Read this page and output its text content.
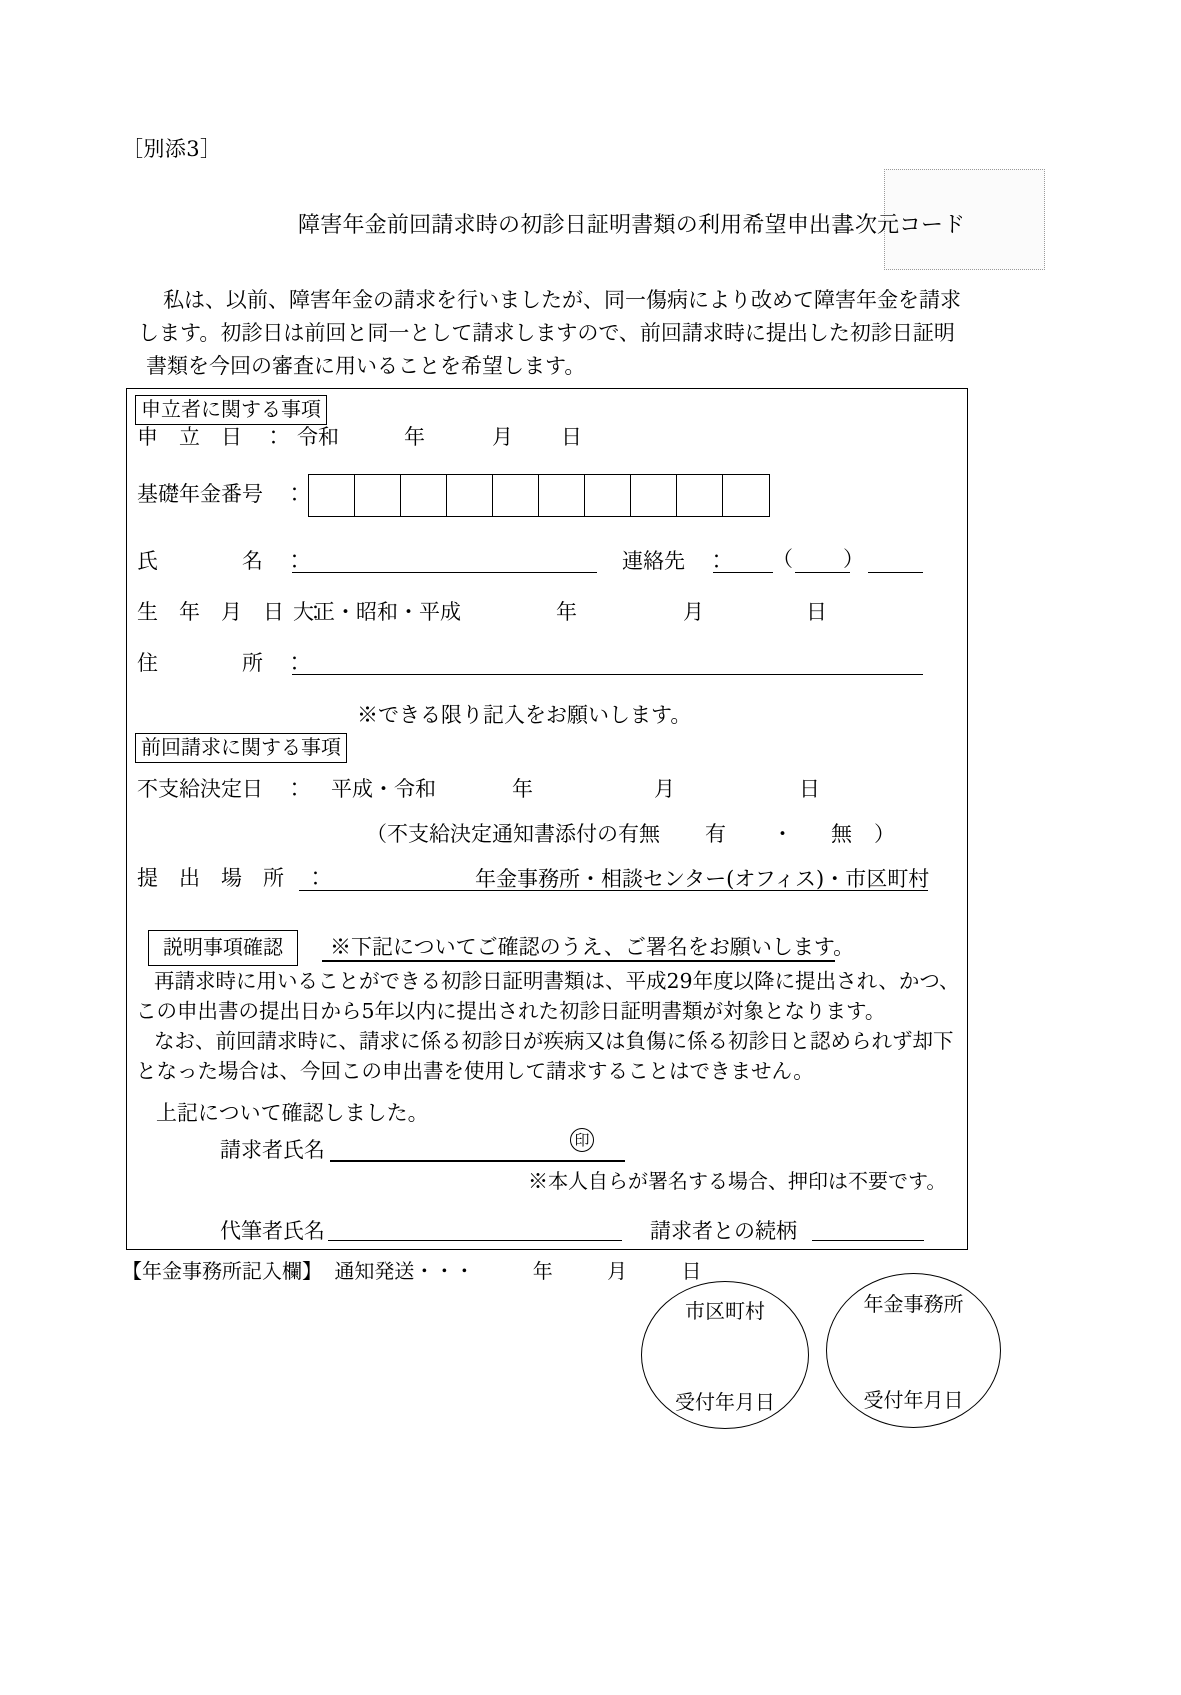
［別添3］
障害年金前回請求時の初診日証明書類の利用希望申出書
二次元コード
私は、以前、障害年金の請求を行いましたが、同一傷病により改めて障害年金を請求
します。初診日は前回と同一として請求しますので、前回請求時に提出した初診日証明
書類を今回の審査に用いることを希望します。
申立者に関する事項
申　立　日　： 令和	年	月 日
基礎年金番号　：
氏　　　　名　：	連絡先　： （ ）
生　年　月　日　：
大正・昭和・平成	年	月	日
住　　　　所　：
※できる限り記入をお願いします。
前回請求に関する事項
不支給決定日　： 平成・令和	年	月	日
（不支給決定通知書添付の有無 有 ・ 無 ）
提　出　場　所　：	年金事務所・相談センター(オフィス)・市区町村
説明事項確認	※下記についてご確認のうえ、ご署名をお願いします。

再請求時に用いることができる初診日証明書類は、平成29年度以降に提出され、かつ、

この申出書の提出日から5年以内に提出された初診日証明書類が対象となります。

なお、前回請求時に、請求に係る初診日が疾病又は負傷に係る初診日と認められず却下

となった場合は、今回この申出書を使用して請求することはできません。

上記について確認しました。
請求者氏名	印
※本人自らが署名する場合、押印は不要です。
代筆者氏名	請求者との続柄
【年金事務所記入欄】 通知発送・・・	年	月	日
市区町村
受付年月日
年金事務所
受付年月日
